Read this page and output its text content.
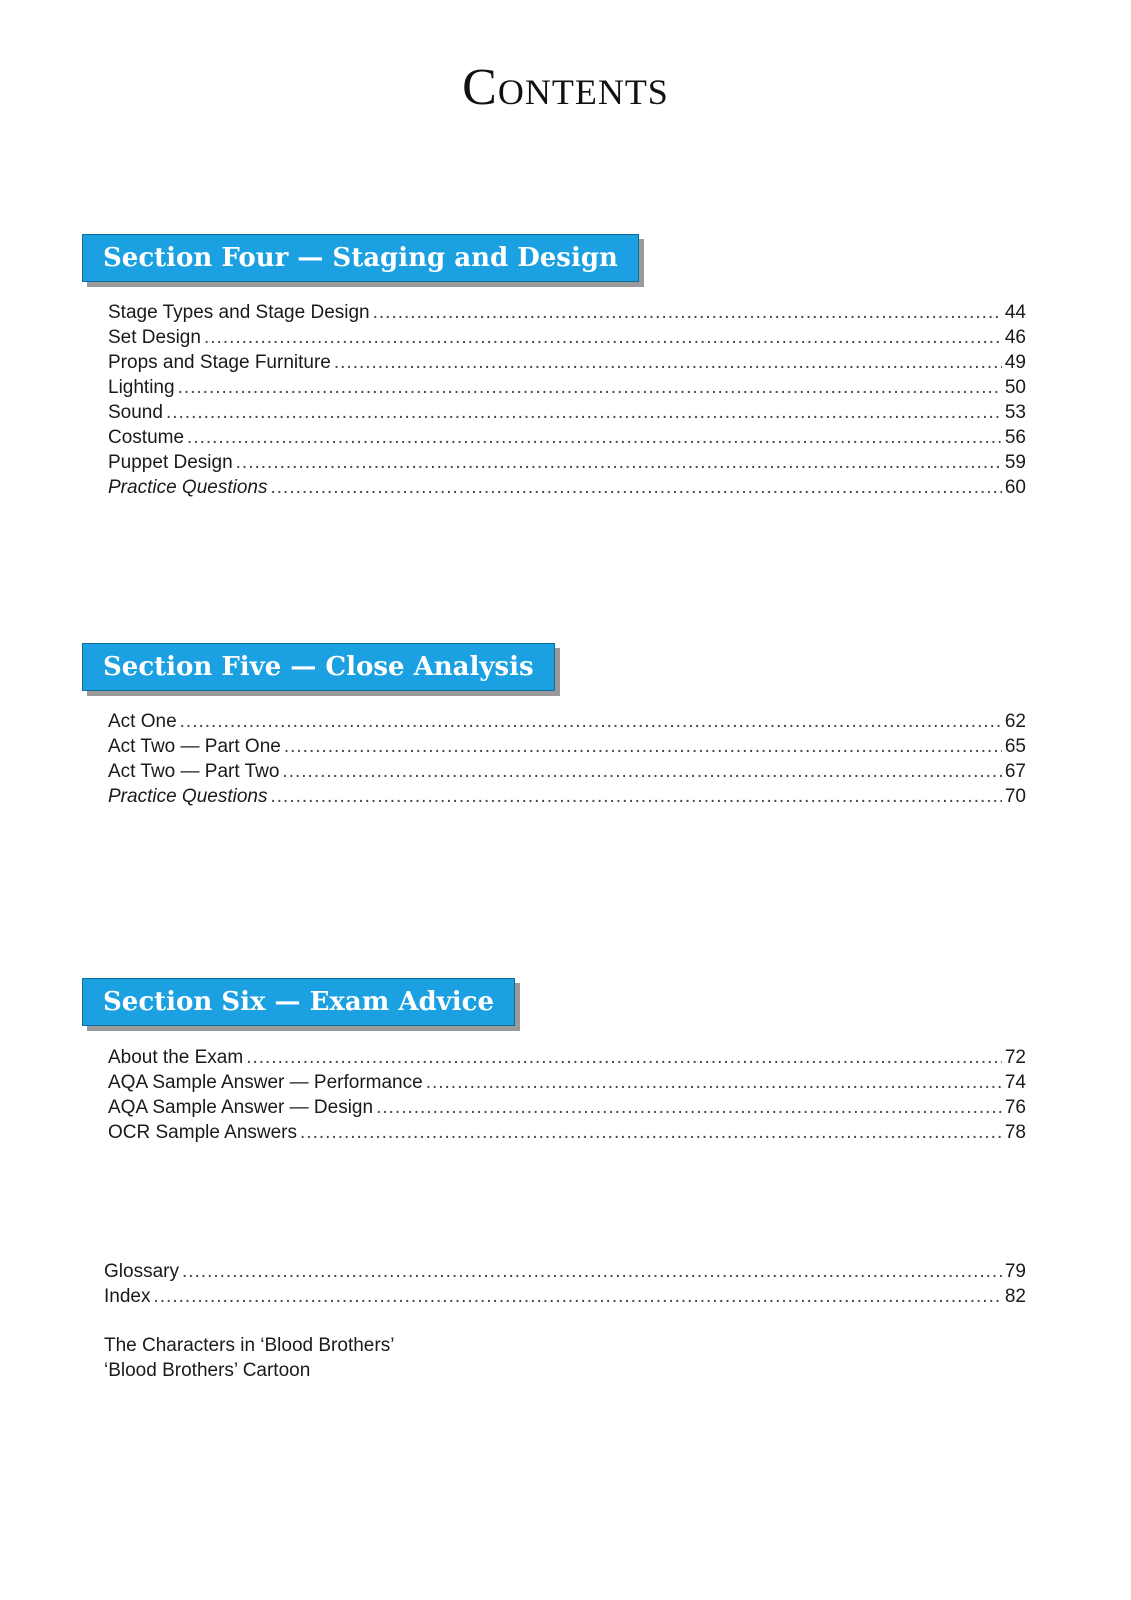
Contents
Section Four — Staging and Design
Stage Types and Stage Design .....	44
Set Design .....	46
Props and Stage Furniture .....	49
Lighting .....	50
Sound .....	53
Costume .....	56
Puppet Design .....	59
Practice Questions .....	60
Section Five — Close Analysis
Act One .....	62
Act Two — Part One .....	65
Act Two — Part Two .....	67
Practice Questions .....	70
Section Six — Exam Advice
About the Exam .....	72
AQA Sample Answer — Performance .....	74
AQA Sample Answer — Design .....	76
OCR Sample Answers .....	78
Glossary .....	79
Index .....	82
The Characters in ‘Blood Brothers’
‘Blood Brothers’ Cartoon
